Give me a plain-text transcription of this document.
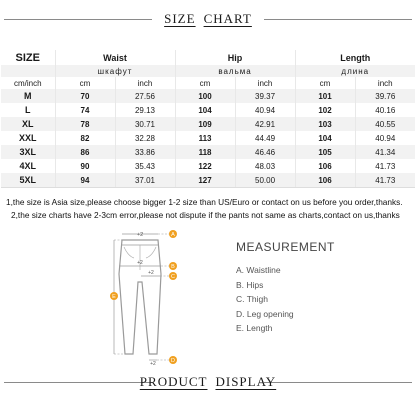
SIZE CHART
SIZE	Waist		Hip		Length	
	шкафут		вальма		длина	
cm/inch	cm	inch	cm	inch	cm	inch
M	70	27.56	100	39.37	101	39.76
L	74	29.13	104	40.94	102	40.16
XL	78	30.71	109	42.91	103	40.55
XXL	82	32.28	113	44.49	104	40.94
3XL	86	33.86	118	46.46	105	41.34
4XL	90	35.43	122	48.03	106	41.73
5XL	94	37.01	127	50.00	106	41.73
1,the size is Asia size,please choose bigger 1-2 size than US/Euro or contact on us before you order,thanks.
2,the size charts have 2-3cm error,please not dispute if the pants not same as charts,contact on us,thanks
+2	A
+2
B
+2
C
+2	D
E
MEASUREMENT
A. Waistline
B. Hips
C. Thigh
D. Leg opening
E. Length
PRODUCT DISPLAY
